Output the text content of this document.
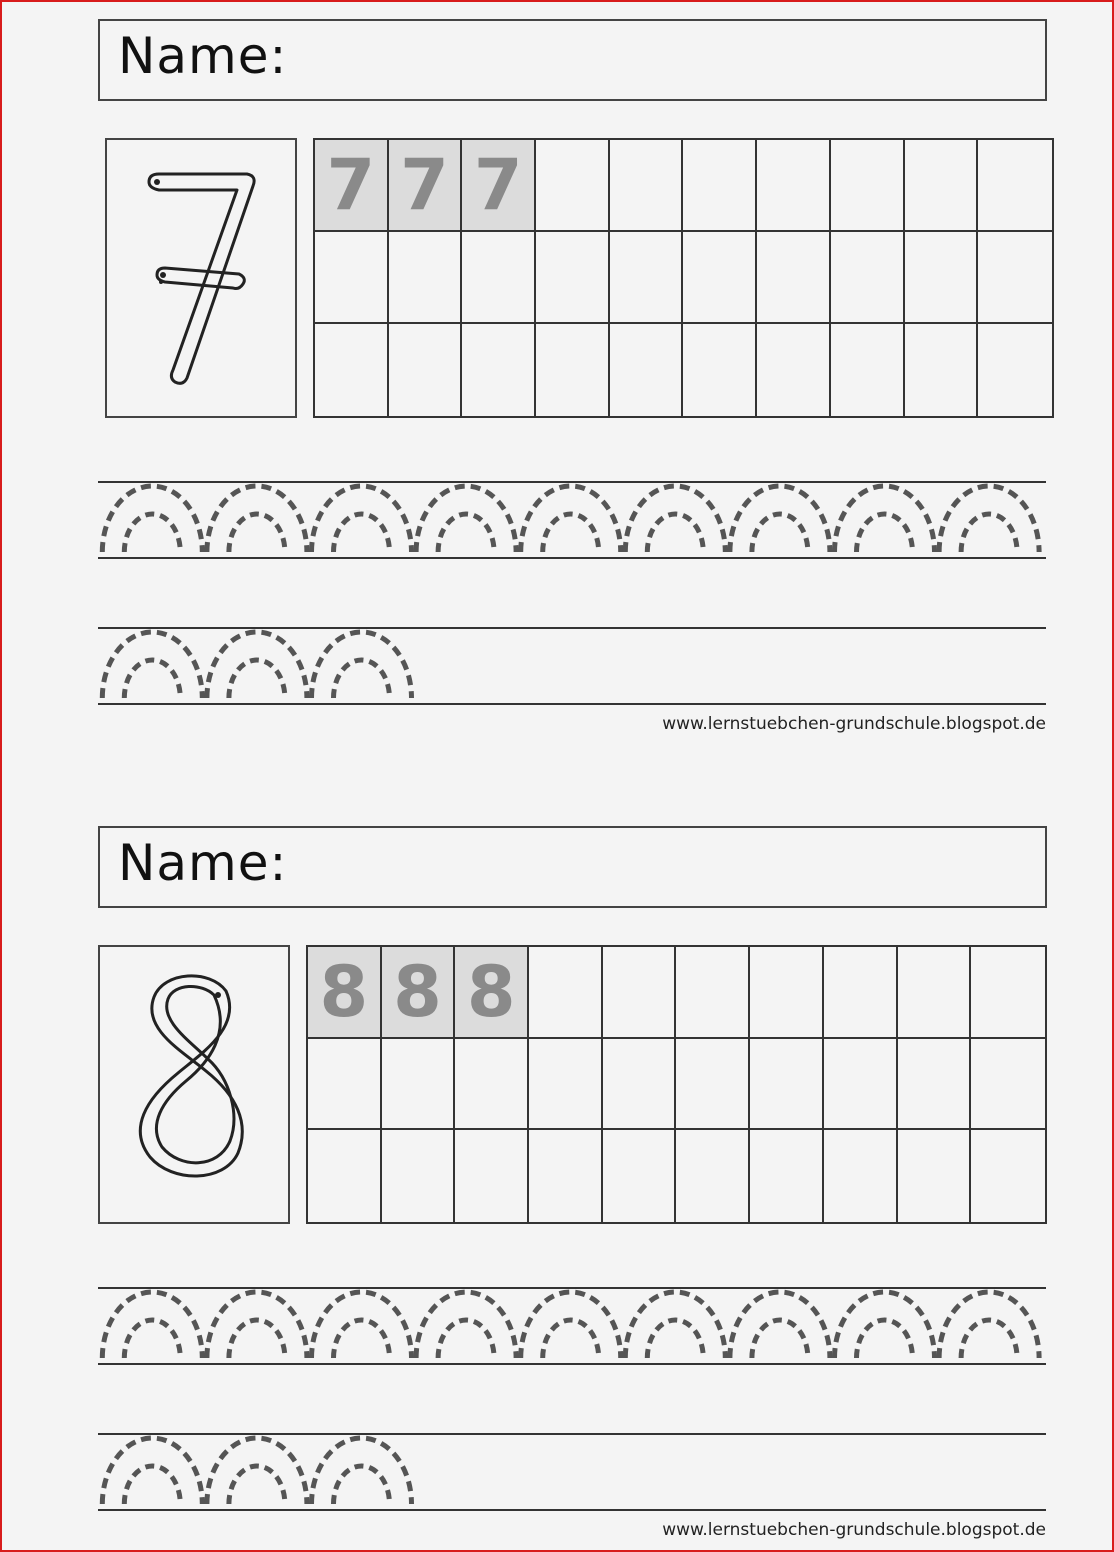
Name:
7 7 7
www.lernstuebchen-grundschule.blogspot.de
Name:
8 8 8
www.lernstuebchen-grundschule.blogspot.de
